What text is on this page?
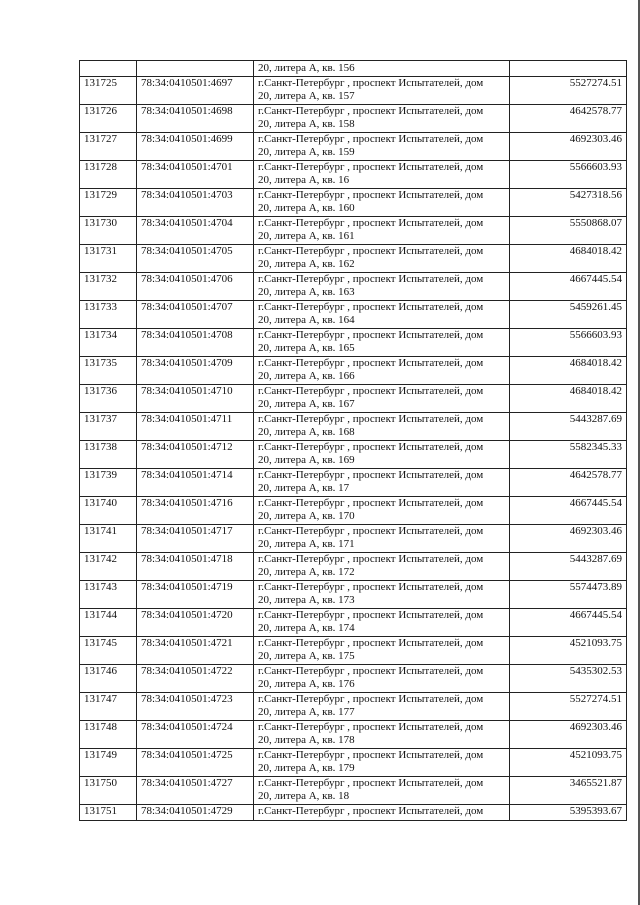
		20, литера А, кв. 156	

131725	78:34:0410501:4697	г.Санкт-Петербург , проспект Испытателей, дом
20, литера А, кв. 157	5527274.51
131726	78:34:0410501:4698	г.Санкт-Петербург , проспект Испытателей, дом
20, литера А, кв. 158	4642578.77
131727	78:34:0410501:4699	г.Санкт-Петербург , проспект Испытателей, дом
20, литера А, кв. 159	4692303.46
131728	78:34:0410501:4701	г.Санкт-Петербург , проспект Испытателей, дом
20, литера А, кв. 16	5566603.93
131729	78:34:0410501:4703	г.Санкт-Петербург , проспект Испытателей, дом
20, литера А, кв. 160	5427318.56
131730	78:34:0410501:4704	г.Санкт-Петербург , проспект Испытателей, дом
20, литера А, кв. 161	5550868.07
131731	78:34:0410501:4705	г.Санкт-Петербург , проспект Испытателей, дом
20, литера А, кв. 162	4684018.42
131732	78:34:0410501:4706	г.Санкт-Петербург , проспект Испытателей, дом
20, литера А, кв. 163	4667445.54
131733	78:34:0410501:4707	г.Санкт-Петербург , проспект Испытателей, дом
20, литера А, кв. 164	5459261.45
131734	78:34:0410501:4708	г.Санкт-Петербург , проспект Испытателей, дом
20, литера А, кв. 165	5566603.93
131735	78:34:0410501:4709	г.Санкт-Петербург , проспект Испытателей, дом
20, литера А, кв. 166	4684018.42
131736	78:34:0410501:4710	г.Санкт-Петербург , проспект Испытателей, дом
20, литера А, кв. 167	4684018.42
131737	78:34:0410501:4711	г.Санкт-Петербург , проспект Испытателей, дом
20, литера А, кв. 168	5443287.69
131738	78:34:0410501:4712	г.Санкт-Петербург , проспект Испытателей, дом
20, литера А, кв. 169	5582345.33
131739	78:34:0410501:4714	г.Санкт-Петербург , проспект Испытателей, дом
20, литера А, кв. 17	4642578.77
131740	78:34:0410501:4716	г.Санкт-Петербург , проспект Испытателей, дом
20, литера А, кв. 170	4667445.54
131741	78:34:0410501:4717	г.Санкт-Петербург , проспект Испытателей, дом
20, литера А, кв. 171	4692303.46
131742	78:34:0410501:4718	г.Санкт-Петербург , проспект Испытателей, дом
20, литера А, кв. 172	5443287.69
131743	78:34:0410501:4719	г.Санкт-Петербург , проспект Испытателей, дом
20, литера А, кв. 173	5574473.89
131744	78:34:0410501:4720	г.Санкт-Петербург , проспект Испытателей, дом
20, литера А, кв. 174	4667445.54
131745	78:34:0410501:4721	г.Санкт-Петербург , проспект Испытателей, дом
20, литера А, кв. 175	4521093.75
131746	78:34:0410501:4722	г.Санкт-Петербург , проспект Испытателей, дом
20, литера А, кв. 176	5435302.53
131747	78:34:0410501:4723	г.Санкт-Петербург , проспект Испытателей, дом
20, литера А, кв. 177	5527274.51
131748	78:34:0410501:4724	г.Санкт-Петербург , проспект Испытателей, дом
20, литера А, кв. 178	4692303.46
131749	78:34:0410501:4725	г.Санкт-Петербург , проспект Испытателей, дом
20, литера А, кв. 179	4521093.75
131750	78:34:0410501:4727	г.Санкт-Петербург , проспект Испытателей, дом
20, литера А, кв. 18	3465521.87
131751	78:34:0410501:4729	г.Санкт-Петербург , проспект Испытателей, дом	5395393.67
